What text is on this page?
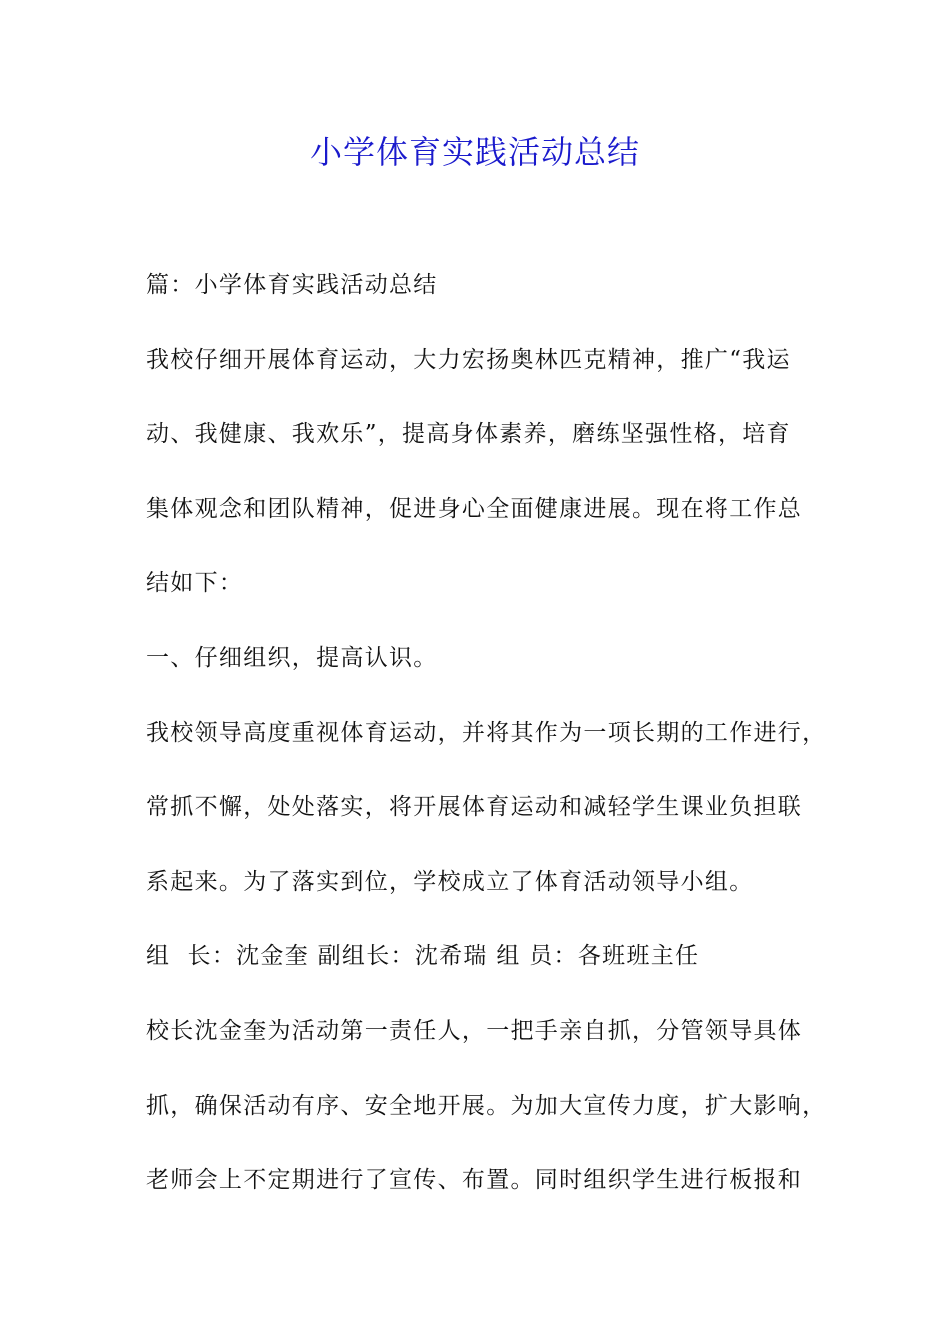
小学体育实践活动总结
篇：小学体育实践活动总结
我校仔细开展体育运动，大力宏扬奥林匹克精神，推广“我运
动、我健康、我欢乐”，提高身体素养，磨练坚强性格，培育
集体观念和团队精神，促进身心全面健康进展。现在将工作总
结如下：
一、仔细组织，提高认识。
我校领导高度重视体育运动，并将其作为一项长期的工作进行，
常抓不懈，处处落实，将开展体育运动和减轻学生课业负担联
系起来。为了落实到位，学校成立了体育活动领导小组。
组  长：沈金奎 副组长：沈希瑞 组 员：各班班主任
校长沈金奎为活动第一责任人，一把手亲自抓，分管领导具体
抓，确保活动有序、安全地开展。为加大宣传力度，扩大影响，
老师会上不定期进行了宣传、布置。同时组织学生进行板报和
